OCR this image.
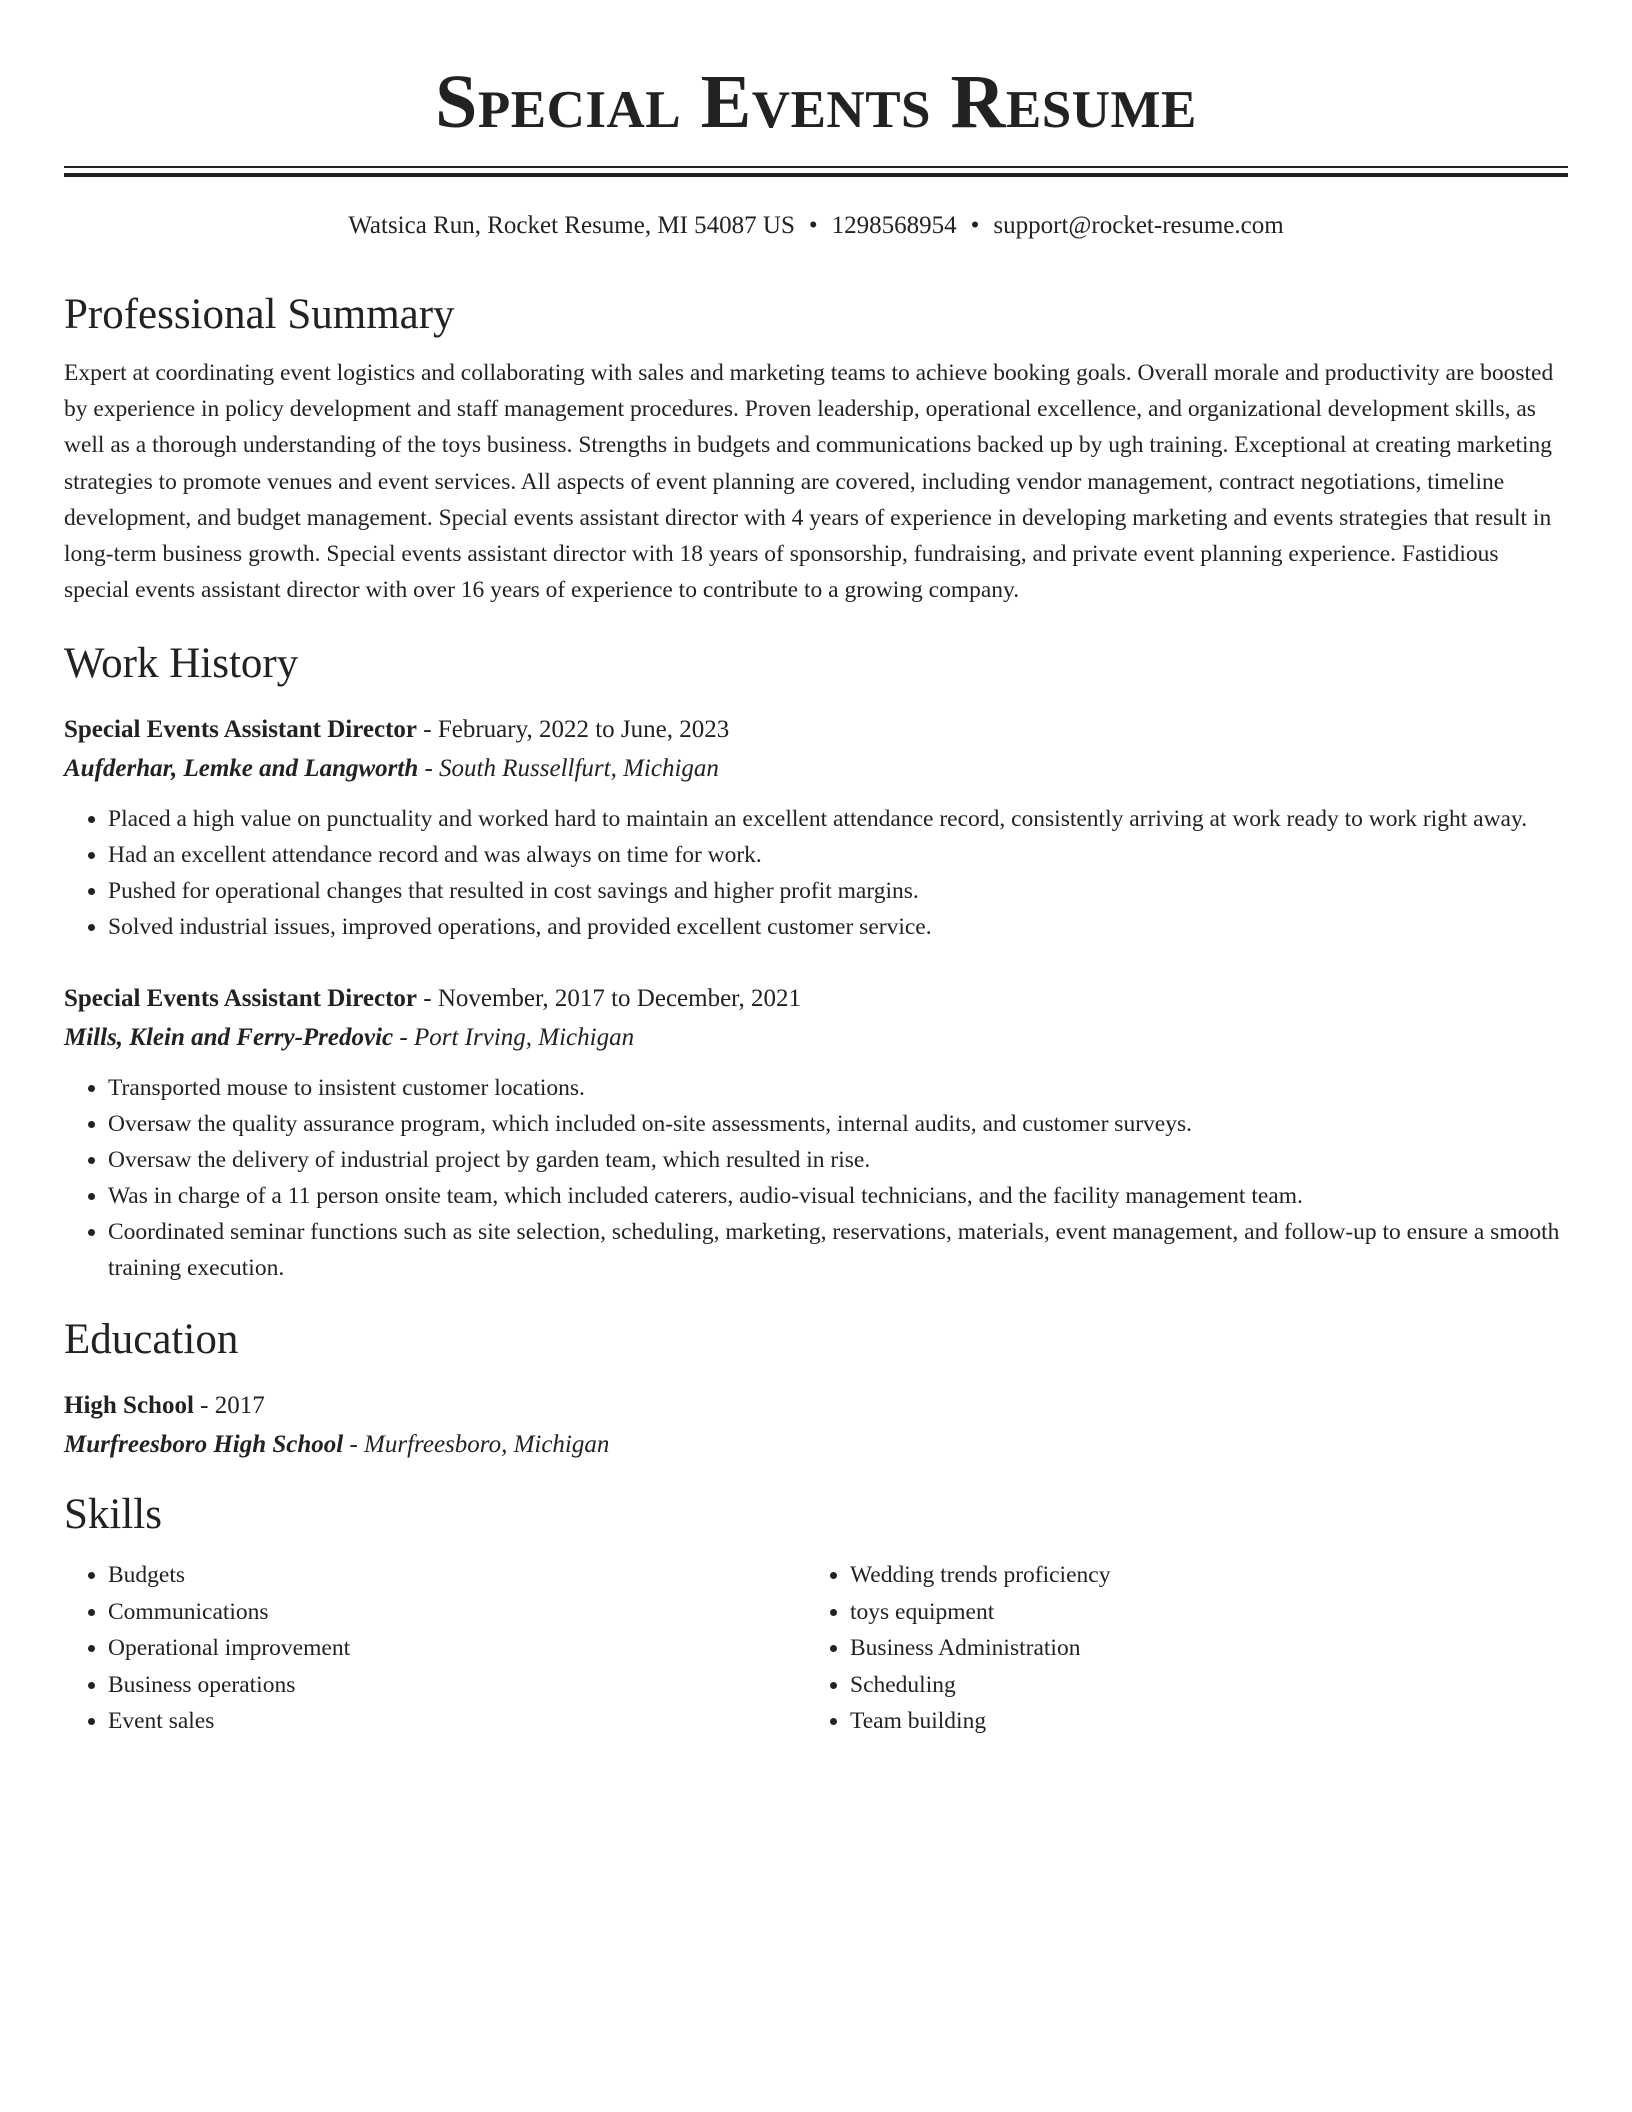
Special Events Resume
Watsica Run, Rocket Resume, MI 54087 US • 1298568954 • support@rocket-resume.com
Professional Summary

Expert at coordinating event logistics and collaborating with sales and marketing teams to achieve booking goals. Overall morale and productivity are boosted by experience in policy development and staff management procedures. Proven leadership, operational excellence, and organizational development skills, as well as a thorough understanding of the toys business. Strengths in budgets and communications backed up by ugh training. Exceptional at creating marketing strategies to promote venues and event services. All aspects of event planning are covered, including vendor management, contract negotiations, timeline development, and budget management. Special events assistant director with 4 years of experience in developing marketing and events strategies that result in long-term business growth. Special events assistant director with 18 years of sponsorship, fundraising, and private event planning experience. Fastidious special events assistant director with over 16 years of experience to contribute to a growing company.

Work History
Special Events Assistant Director - February, 2022 to June, 2023
Aufderhar, Lemke and Langworth - South Russellfurt, Michigan
• Placed a high value on punctuality and worked hard to maintain an excellent attendance record, consistently arriving at work ready to work right away.
• Had an excellent attendance record and was always on time for work.
• Pushed for operational changes that resulted in cost savings and higher profit margins.
• Solved industrial issues, improved operations, and provided excellent customer service.
Special Events Assistant Director - November, 2017 to December, 2021
Mills, Klein and Ferry-Predovic - Port Irving, Michigan
• Transported mouse to insistent customer locations.
• Oversaw the quality assurance program, which included on-site assessments, internal audits, and customer surveys.
• Oversaw the delivery of industrial project by garden team, which resulted in rise.
• Was in charge of a 11 person onsite team, which included caterers, audio-visual technicians, and the facility management team.
• Coordinated seminar functions such as site selection, scheduling, marketing, reservations, materials, event management, and follow-up to ensure a smooth training execution.
Education
High School - 2017
Murfreesboro High School - Murfreesboro, Michigan
Skills
• Budgets
• Communications
• Operational improvement
• Business operations
• Event sales
• Wedding trends proficiency
• toys equipment
• Business Administration
• Scheduling
• Team building
